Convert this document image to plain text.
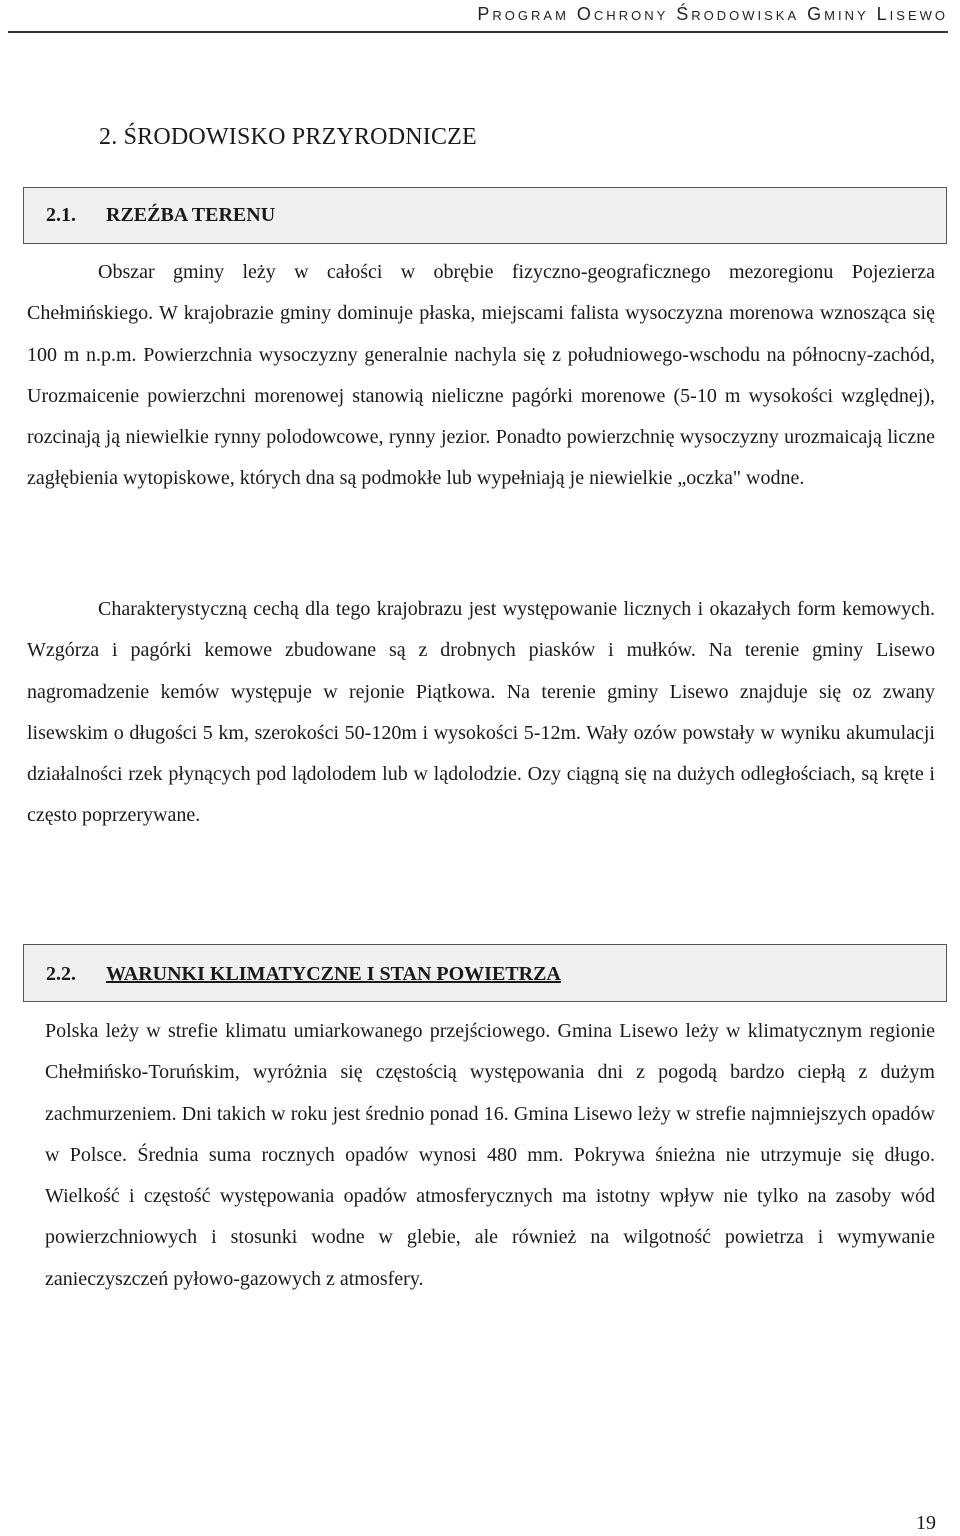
Program Ochrony Środowiska Gminy Lisewo
2. ŚRODOWISKO PRZYRODNICZE
2.1. RZEŹBA TERENU

Obszar gminy leży w całości w obrębie fizyczno-geograficznego mezoregionu Pojezierza Chełmińskiego. W krajobrazie gminy dominuje płaska, miejscami falista wysoczyzna morenowa wznosząca się 100 m n.p.m. Powierzchnia wysoczyzny generalnie nachyla się z południowego-wschodu na północny-zachód, Urozmaicenie powierzchni morenowej stanowią nieliczne pagórki morenowe (5-10 m wysokości względnej), rozcinają ją niewielkie rynny polodowcowe, rynny jezior. Ponadto powierzchnię wysoczyzny urozmaicają liczne zagłębienia wytopiskowe, których dna są podmokłe lub wypełniają je niewielkie „oczka" wodne.

Charakterystyczną cechą dla tego krajobrazu jest występowanie licznych i okazałych form kemowych. Wzgórza i pagórki kemowe zbudowane są z drobnych piasków i mułków. Na terenie gminy Lisewo nagromadzenie kemów występuje w rejonie Piątkowa. Na terenie gminy Lisewo znajduje się oz zwany lisewskim o długości 5 km, szerokości 50-120m i wysokości 5-12m. Wały ozów powstały w wyniku akumulacji działalności rzek płynących pod lądolodem lub w lądolodzie. Ozy ciągną się na dużych odległościach, są kręte i często poprzerywane.

2.2. WARUNKI KLIMATYCZNE I STAN POWIETRZA

Polska leży w strefie klimatu umiarkowanego przejściowego. Gmina Lisewo leży w klimatycznym regionie Chełmińsko-Toruńskim, wyróżnia się częstością występowania dni z pogodą bardzo ciepłą z dużym zachmurzeniem. Dni takich w roku jest średnio ponad 16. Gmina Lisewo leży w strefie najmniejszych opadów w Polsce. Średnia suma rocznych opadów wynosi 480 mm. Pokrywa śnieżna nie utrzymuje się długo. Wielkość i częstość występowania opadów atmosferycznych ma istotny wpływ nie tylko na zasoby wód powierzchniowych i stosunki wodne w glebie, ale również na wilgotność powietrza i wymywanie zanieczyszczeń pyłowo-gazowych z atmosfery.

19
